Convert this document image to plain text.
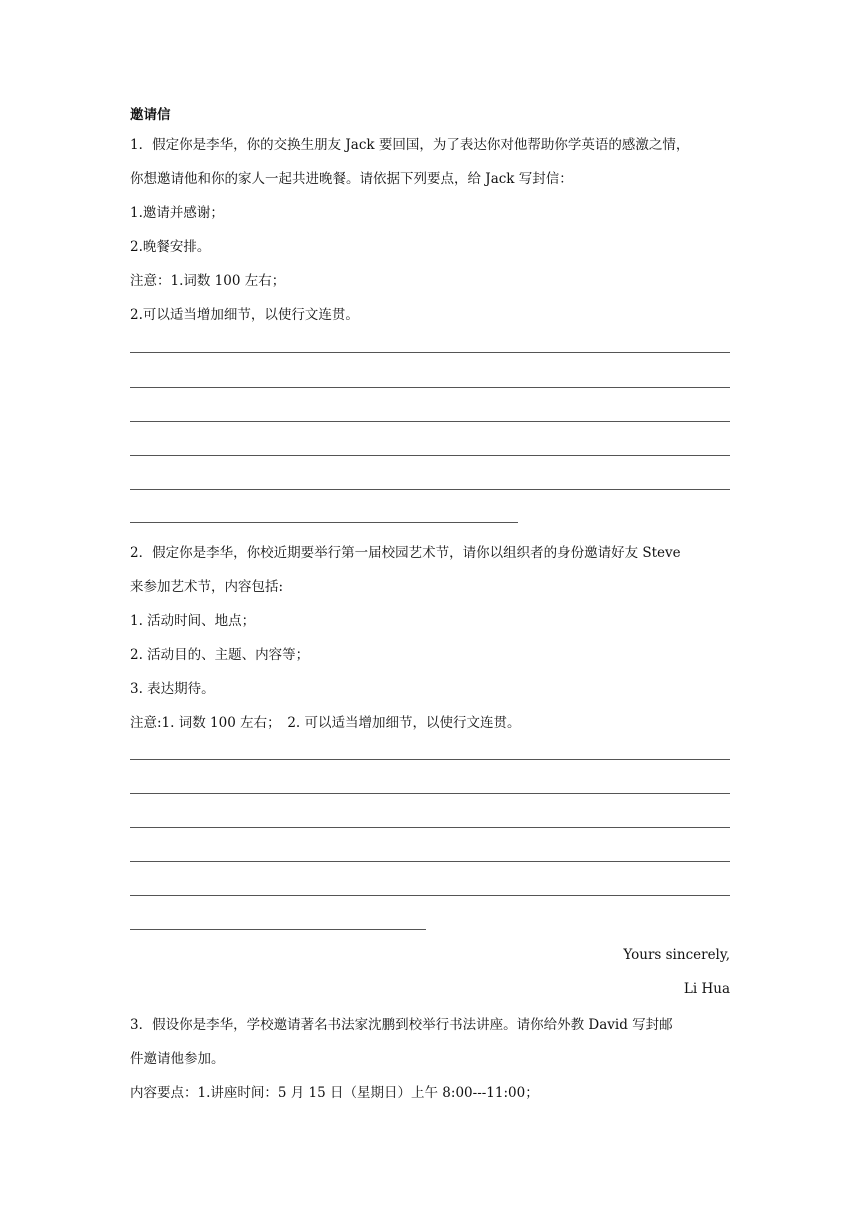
邀请信
1．假定你是李华，你的交换生朋友 Jack 要回国，为了表达你对他帮助你学英语的感激之情，
你想邀请他和你的家人一起共进晚餐。请依据下列要点，给 Jack 写封信：
1.邀请并感谢；
2.晚餐安排。
注意：1.词数 100 左右；
2.可以适当增加细节，以使行文连贯。
2．假定你是李华，你校近期要举行第一届校园艺术节，请你以组织者的身份邀请好友 Steve
来参加艺术节，内容包括:
1. 活动时间、地点；
2. 活动目的、主题、内容等；
3. 表达期待。
注意:1. 词数 100 左右；　2. 可以适当增加细节，以使行文连贯。
Yours sincerely,
Li Hua
3．假设你是李华，学校邀请著名书法家沈鹏到校举行书法讲座。请你给外教 David 写封邮
件邀请他参加。
内容要点：1.讲座时间：5 月 15 日（星期日）上午 8:00---11:00；
